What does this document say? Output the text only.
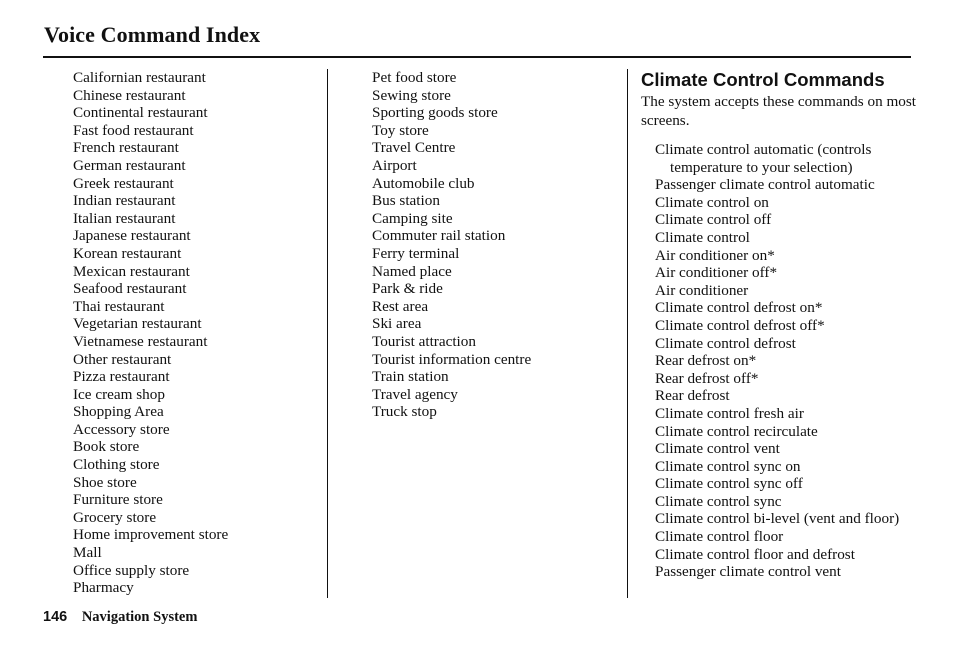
Voice Command Index
Californian restaurant
Chinese restaurant
Continental restaurant
Fast food restaurant
French restaurant
German restaurant
Greek restaurant
Indian restaurant
Italian restaurant
Japanese restaurant
Korean restaurant
Mexican restaurant
Seafood restaurant
Thai restaurant
Vegetarian restaurant
Vietnamese restaurant
Other restaurant
Pizza restaurant
Ice cream shop
Shopping Area
Accessory store
Book store
Clothing store
Shoe store
Furniture store
Grocery store
Home improvement store
Mall
Office supply store
Pharmacy
Pet food store
Sewing store
Sporting goods store
Toy store
Travel Centre
Airport
Automobile club
Bus station
Camping site
Commuter rail station
Ferry terminal
Named place
Park & ride
Rest area
Ski area
Tourist attraction
Tourist information centre
Train station
Travel agency
Truck stop
Climate Control Commands
The system accepts these commands on most screens.
Climate control automatic (controls temperature to your selection)
Passenger climate control automatic
Climate control on
Climate control off
Climate control
Air conditioner on*
Air conditioner off*
Air conditioner
Climate control defrost on*
Climate control defrost off*
Climate control defrost
Rear defrost on*
Rear defrost off*
Rear defrost
Climate control fresh air
Climate control recirculate
Climate control vent
Climate control sync on
Climate control sync off
Climate control sync
Climate control bi-level (vent and floor)
Climate control floor
Climate control floor and defrost
Passenger climate control vent
146 Navigation System
